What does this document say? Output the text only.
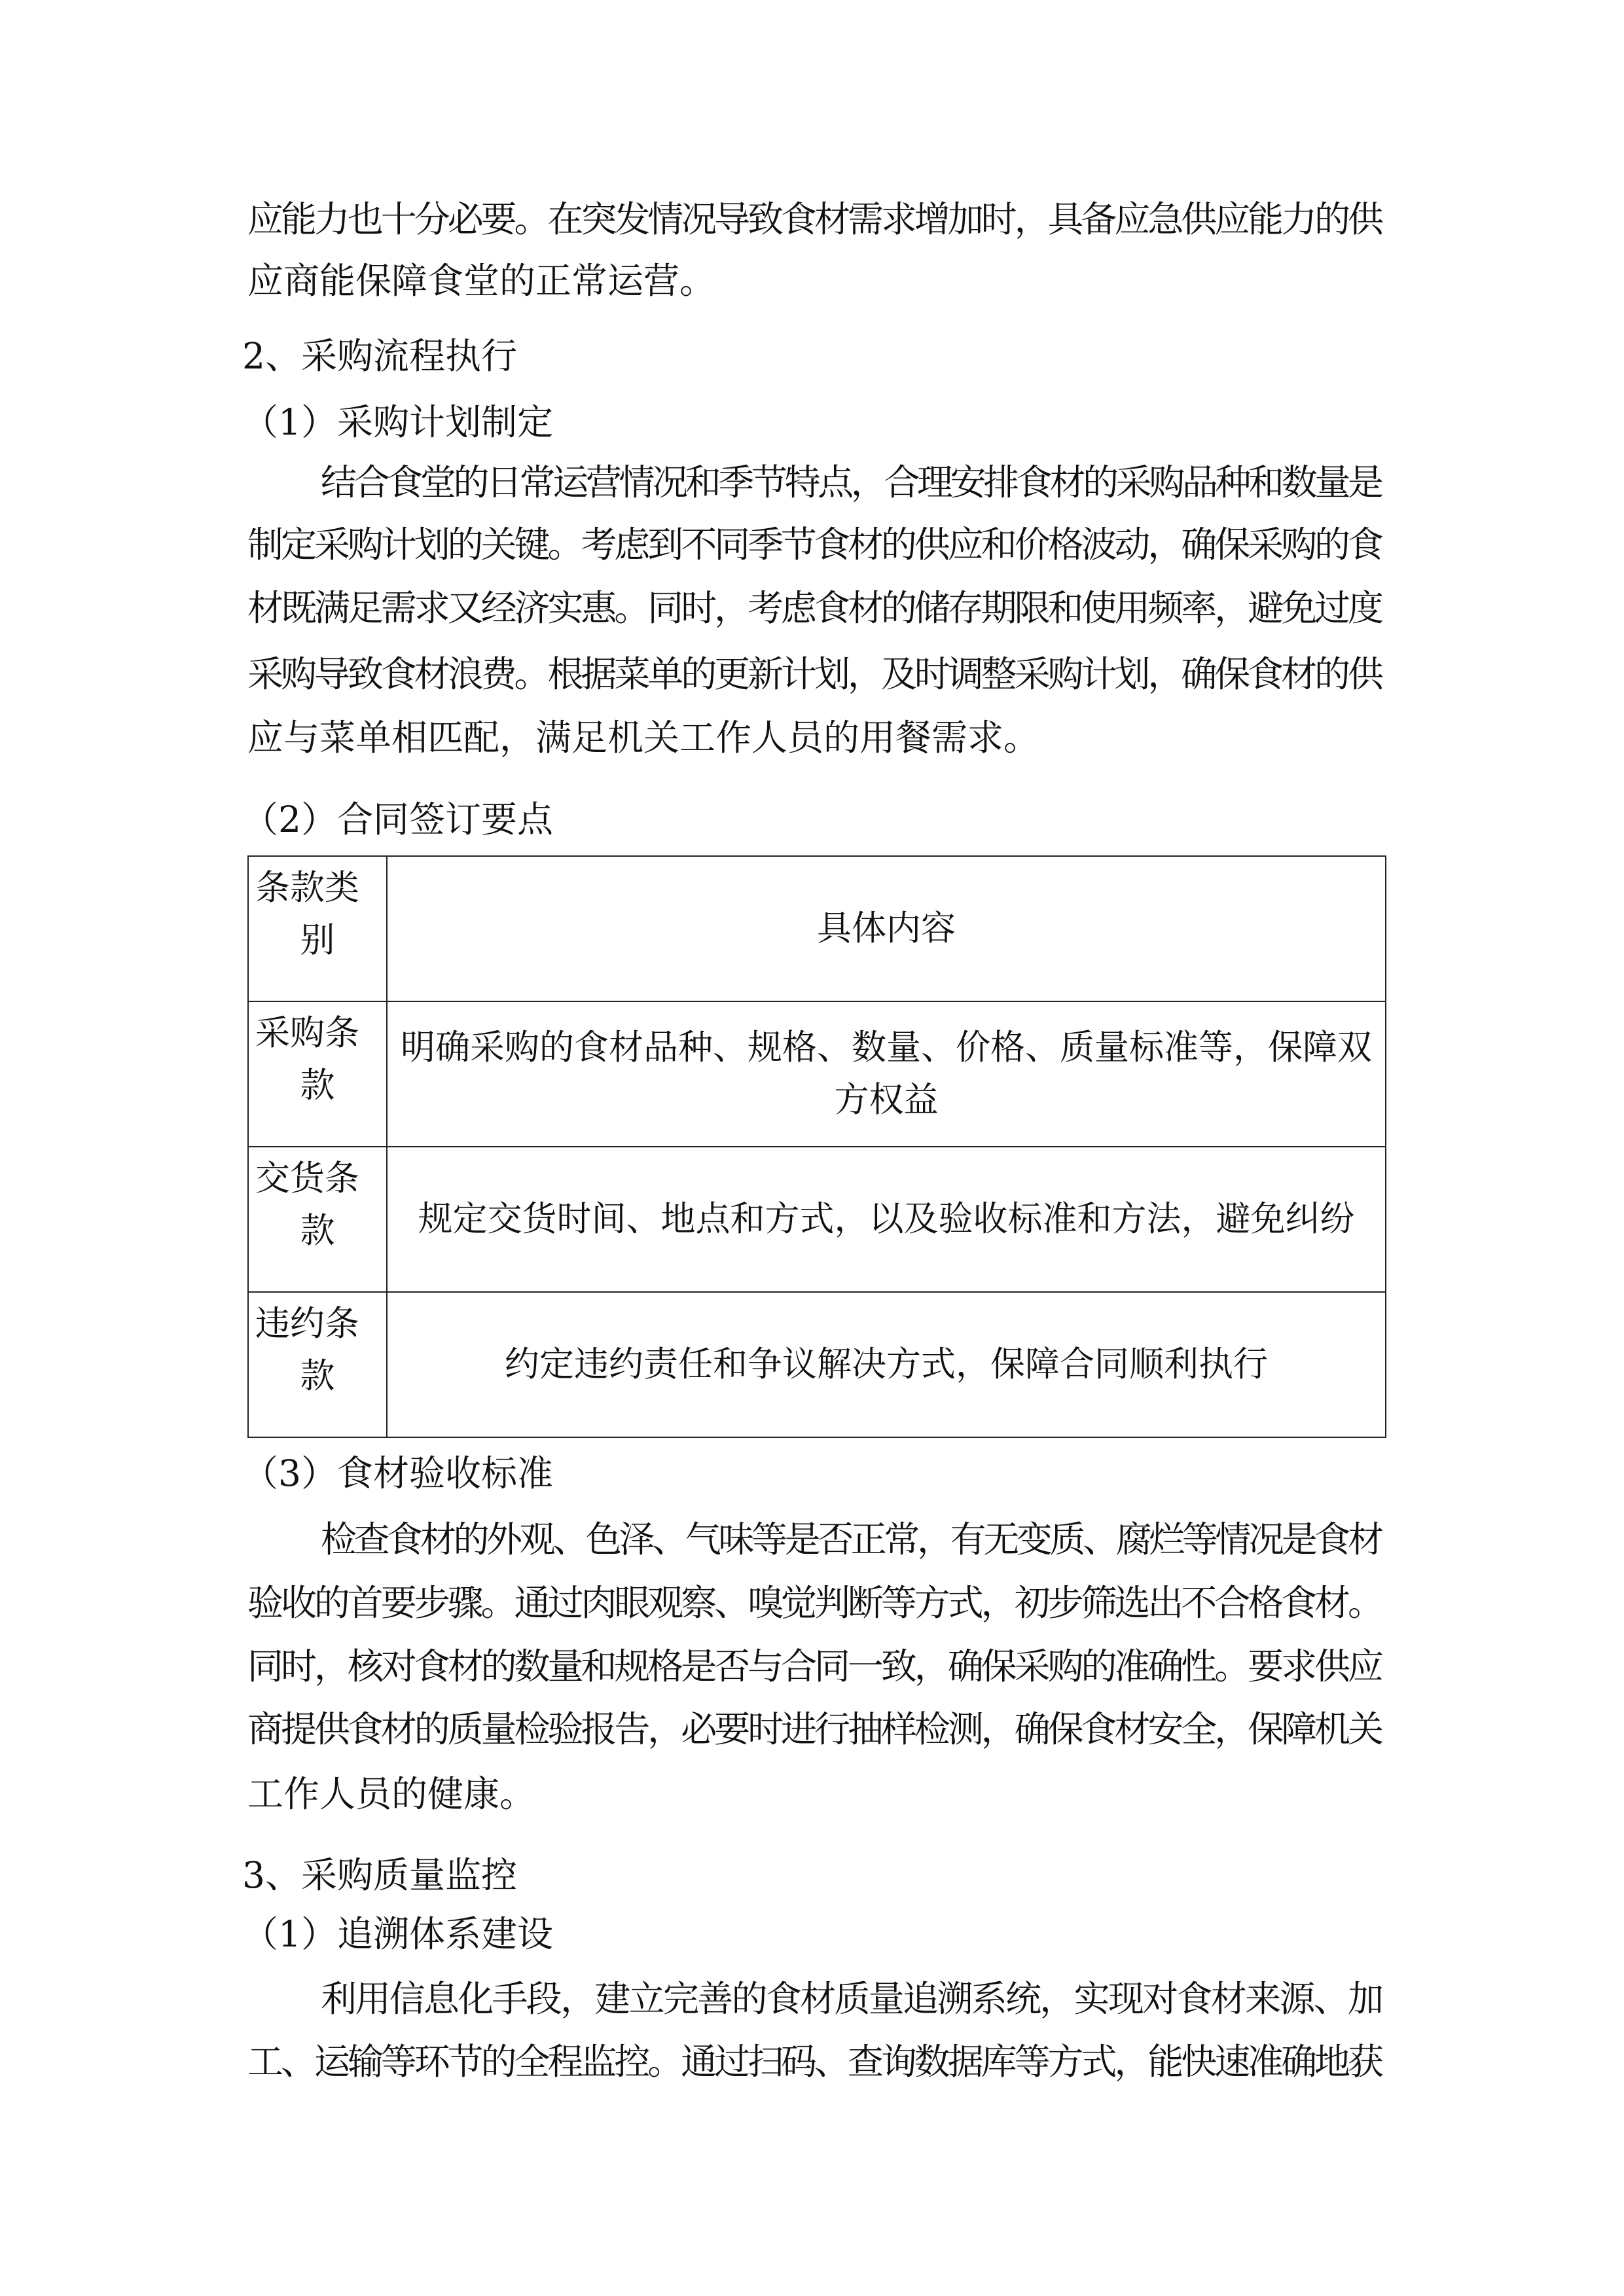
应能力也十分必要。在突发情况导致食材需求增加时，具备应急供应能力的供
应商能保障食堂的正常运营。
2、采购流程执行
（1）采购计划制定
结合食堂的日常运营情况和季节特点，合理安排食材的采购品种和数量是
制定采购计划的关键。考虑到不同季节食材的供应和价格波动，确保采购的食
材既满足需求又经济实惠。同时，考虑食材的储存期限和使用频率，避免过度
采购导致食材浪费。根据菜单的更新计划，及时调整采购计划，确保食材的供
应与菜单相匹配，满足机关工作人员的用餐需求。
（2）合同签订要点
（3）食材验收标准
检查食材的外观、色泽、气味等是否正常，有无变质、腐烂等情况是食材
验收的首要步骤。通过肉眼观察、嗅觉判断等方式，初步筛选出不合格食材。
同时，核对食材的数量和规格是否与合同一致，确保采购的准确性。要求供应
商提供食材的质量检验报告，必要时进行抽样检测，确保食材安全，保障机关
工作人员的健康。
3、采购质量监控
（1）追溯体系建设
利用信息化手段，建立完善的食材质量追溯系统，实现对食材来源、加
工、运输等环节的全程监控。通过扫码、查询数据库等方式，能快速准确地获
条款类
别	具体内容

采购条
款	明确采购的食材品种、规格、数量、价格、质量标准等，保障双方权益

交货条
款	规定交货时间、地点和方式，以及验收标准和方法，避免纠纷

违约条
款	约定违约责任和争议解决方式，保障合同顺利执行
